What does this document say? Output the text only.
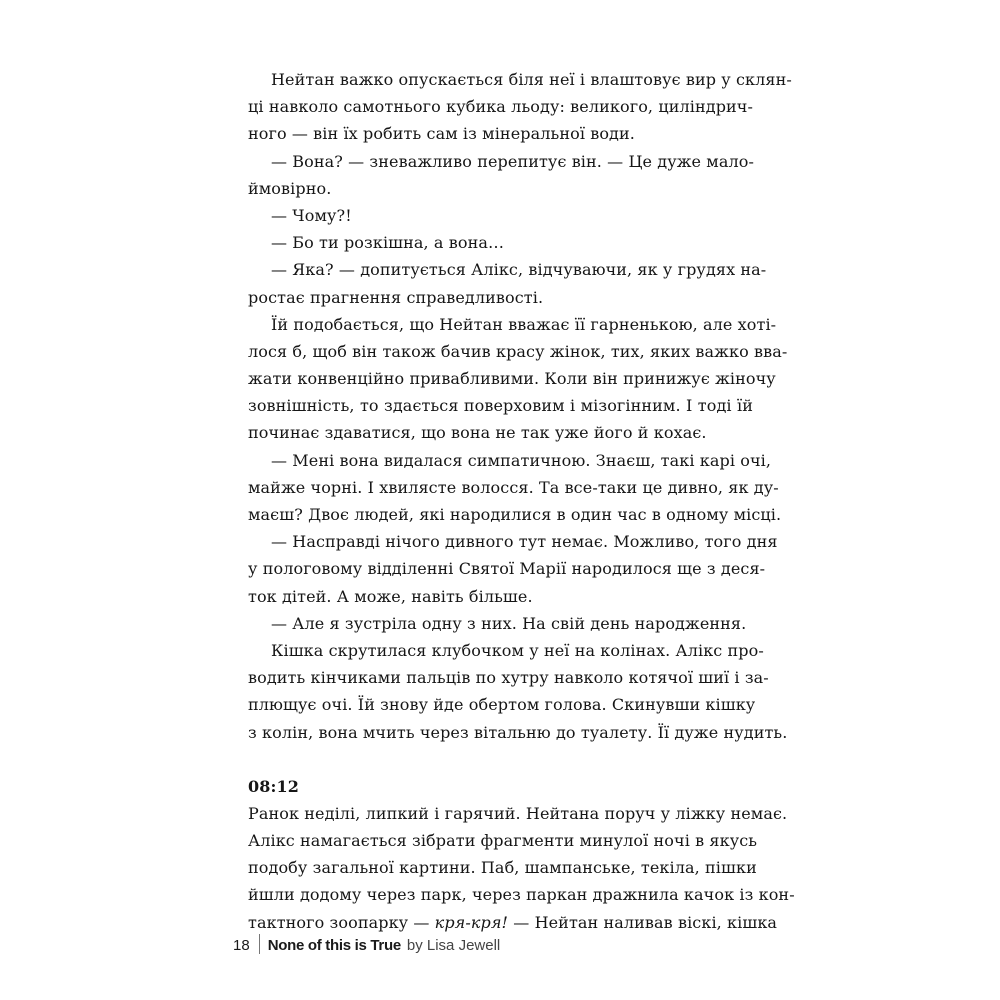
Нейтан важко опускається біля неї і влаштовує вир у склян-
ці навколо самотнього кубика льоду: великого, циліндрич-
ного — він їх робить сам із мінеральної води.

— Вона? — зневажливо перепитує він. — Це дуже мало-
ймовірно.

— Чому?!

— Бо ти розкішна, а вона…

— Яка? — допитується Алікс, відчуваючи, як у грудях на-
ростає прагнення справедливості.

Їй подобається, що Нейтан вважає її гарненькою, але хоті-
лося б, щоб він також бачив красу жінок, тих, яких важко вва-
жати конвенційно привабливими. Коли він принижує жіночу
зовнішність, то здається поверховим і мізогінним. І тоді їй
починає здаватися, що вона не так уже його й кохає.

— Мені вона видалася симпатичною. Знаєш, такі карі очі,
майже чорні. І хвилясте волосся. Та все-таки це дивно, як ду-
маєш? Двоє людей, які народилися в один час в одному місці.

— Насправді нічого дивного тут немає. Можливо, того дня
у пологовому відділенні Святої Марії народилося ще з деся-
ток дітей. А може, навіть більше.

— Але я зустріла одну з них. На свій день народження.

Кішка скрутилася клубочком у неї на колінах. Алікс про-
водить кінчиками пальців по хутру навколо котячої шиї і за-
плющує очі. Їй знову йде обертом голова. Скинувши кішку
з колін, вона мчить через вітальню до туалету. Її дуже нудить.

08:12
Ранок неділі, липкий і гарячий. Нейтана поруч у ліжку немає.
Алікс намагається зібрати фрагменти минулої ночі в якусь
подобу загальної картини. Паб, шампанське, текіла, пішки
йшли додому через парк, через паркан дражнила качок із кон-
тактного зоопарку — кря-кря! — Нейтан наливав віскі, кішка
18 None of this is True by Lisa Jewell
